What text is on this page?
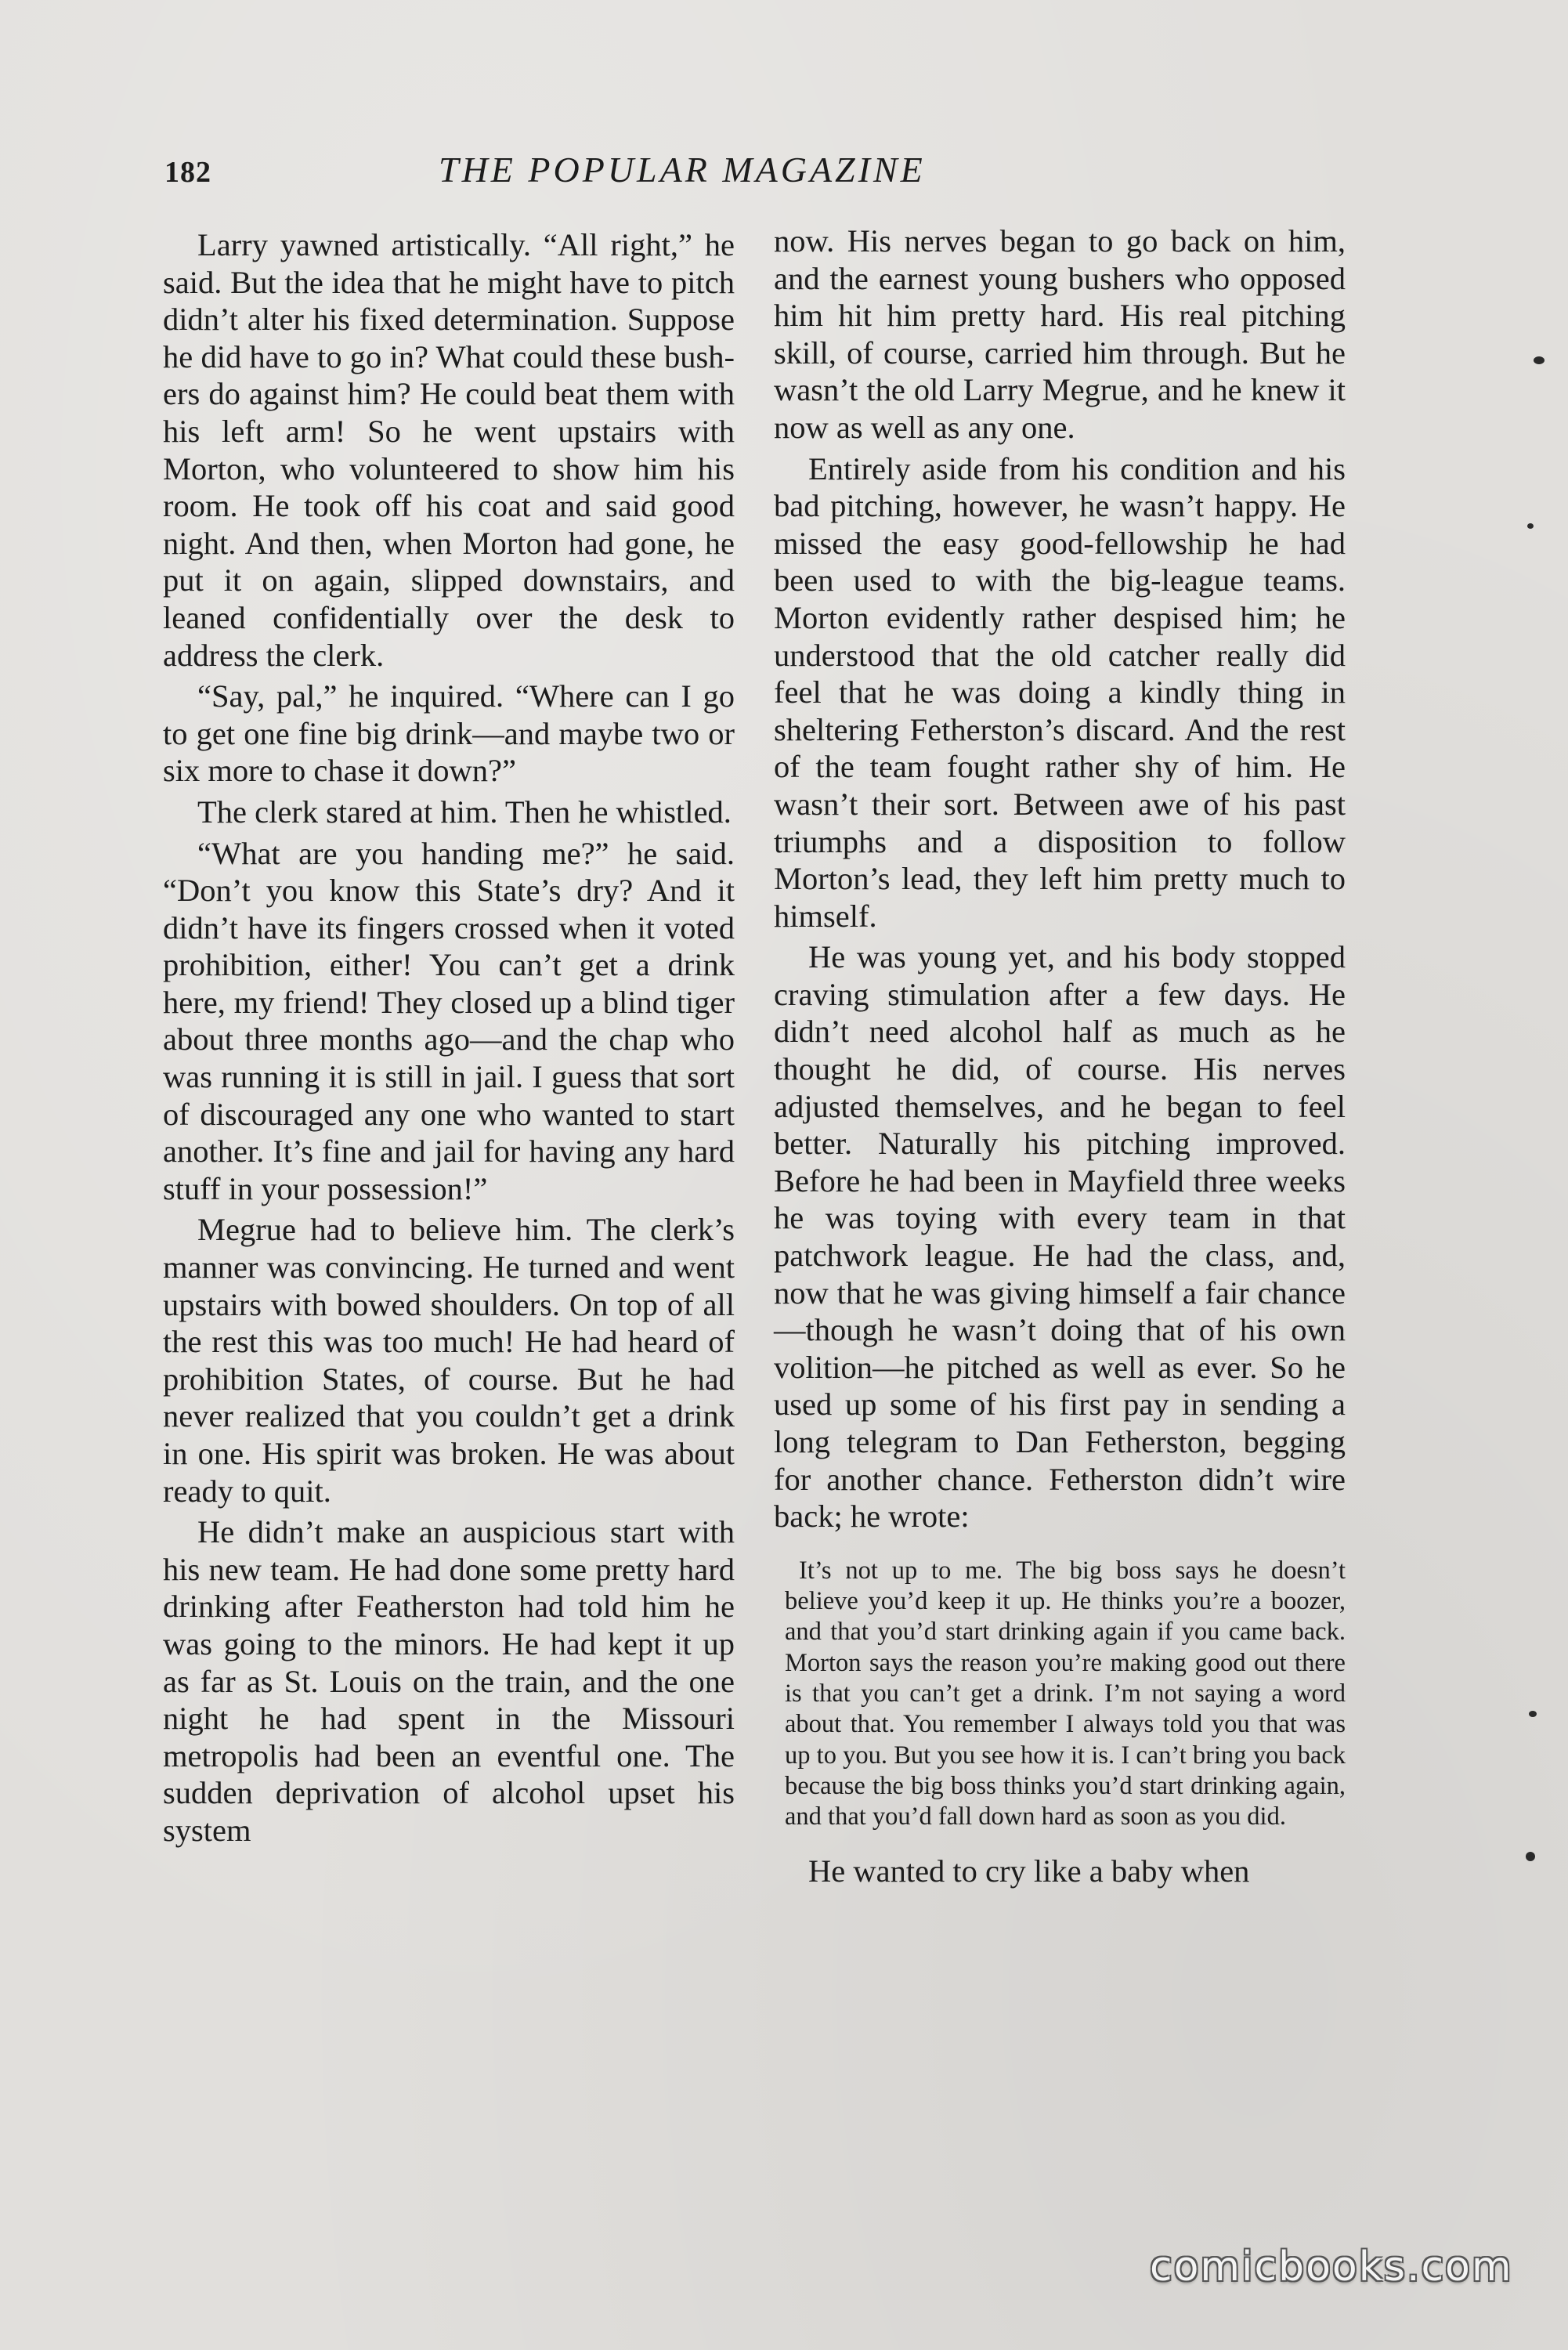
182	THE POPULAR MAGAZINE

Larry yawned artistically. “All right,” he said. But the idea that he might have to pitch didn’t alter his fixed determination. Suppose he did have to go in? What could these bushers do against him? He could beat them with his left arm! So he went upstairs with Morton, who volunteered to show him his room. He took off his coat and said good night. And then, when Morton had gone, he put it on again, slipped downstairs, and leaned confidentially over the desk to address the clerk.

“Say, pal,” he inquired. “Where can I go to get one fine big drink—and maybe two or six more to chase it down?”

The clerk stared at him. Then he whistled.

“What are you handing me?” he said. “Don’t you know this State’s dry? And it didn’t have its fingers crossed when it voted prohibition, either! You can’t get a drink here, my friend! They closed up a blind tiger about three months ago—and the chap who was running it is still in jail. I guess that sort of discouraged any one who wanted to start another. It’s fine and jail for having any hard stuff in your possession!”

Megrue had to believe him. The clerk’s manner was convincing. He turned and went upstairs with bowed shoulders. On top of all the rest this was too much! He had heard of prohibition States, of course. But he had never realized that you couldn’t get a drink in one. His spirit was broken. He was about ready to quit.

He didn’t make an auspicious start with his new team. He had done some pretty hard drinking after Featherston had told him he was going to the minors. He had kept it up as far as St. Louis on the train, and the one night he had spent in the Missouri metropolis had been an eventful one. The sudden deprivation of alcohol upset his system

now. His nerves began to go back on him, and the earnest young bushers who opposed him hit him pretty hard. His real pitching skill, of course, carried him through. But he wasn’t the old Larry Megrue, and he knew it now as well as any one.

Entirely aside from his condition and his bad pitching, however, he wasn’t happy. He missed the easy good-fellowship he had been used to with the big-league teams. Morton evidently rather despised him; he understood that the old catcher really did feel that he was doing a kindly thing in sheltering Fetherston’s discard. And the rest of the team fought rather shy of him. He wasn’t their sort. Between awe of his past triumphs and a disposition to follow Morton’s lead, they left him pretty much to himself.

He was young yet, and his body stopped craving stimulation after a few days. He didn’t need alcohol half as much as he thought he did, of course. His nerves adjusted themselves, and he began to feel better. Naturally his pitching improved. Before he had been in Mayfield three weeks he was toying with every team in that patchwork league. He had the class, and, now that he was giving himself a fair chance—though he wasn’t doing that of his own volition—he pitched as well as ever. So he used up some of his first pay in sending a long telegram to Dan Fetherston, begging for another chance. Fetherston didn’t wire back; he wrote:

It’s not up to me. The big boss says he doesn’t believe you’d keep it up. He thinks you’re a boozer, and that you’d start drinking again if you came back. Morton says the reason you’re making good out there is that you can’t get a drink. I’m not saying a word about that. You remember I always told you that was up to you. But you see how it is. I can’t bring you back because the big boss thinks you’d start drinking again, and that you’d fall down hard as soon as you did.

He wanted to cry like a baby when

comicbooks.com
